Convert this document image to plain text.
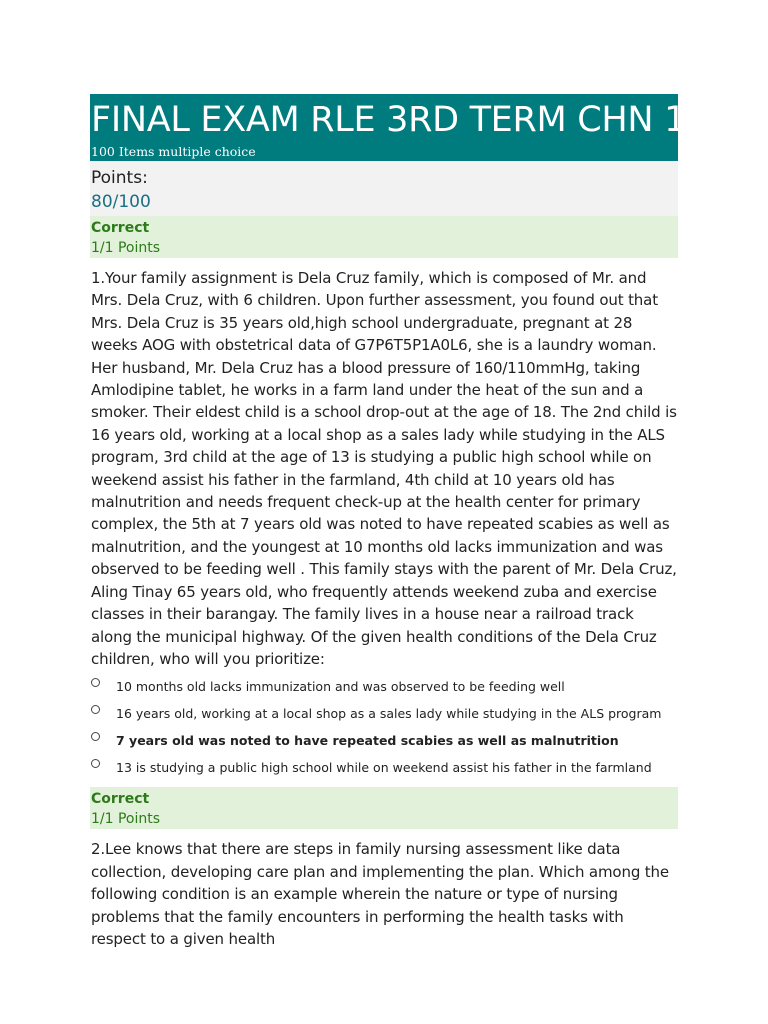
FINAL EXAM RLE 3RD TERM CHN 1
100 Items multiple choice
Points:
80/100
Correct
1/1 Points
1.Your family assignment is Dela Cruz family, which is composed of Mr. and Mrs. Dela Cruz, with 6 children. Upon further assessment, you found out that Mrs. Dela Cruz is 35 years old,high school undergraduate, pregnant at 28 weeks AOG with obstetrical data of G7P6T5P1A0L6, she is a laundry woman. Her husband, Mr. Dela Cruz has a blood pressure of 160/110mmHg, taking Amlodipine tablet, he works in a farm land under the heat of the sun and a smoker. Their eldest child is a school drop-out at the age of 18. The 2nd child is 16 years old, working at a local shop as a sales lady while studying in the ALS program, 3rd child at the age of 13 is studying a public high school while on weekend assist his father in the farmland, 4th child at 10 years old has malnutrition and needs frequent check-up at the health center for primary complex, the 5th at 7 years old was noted to have repeated scabies as well as malnutrition, and the youngest at 10 months old lacks immunization and was observed to be feeding well . This family stays with the parent of Mr. Dela Cruz, Aling Tinay 65 years old, who frequently attends weekend zuba and exercise classes in their barangay. The family lives in a house near a railroad track along the municipal highway. Of the given health conditions of the Dela Cruz children, who will you prioritize:
10 months old lacks immunization and was observed to be feeding well
16 years old, working at a local shop as a sales lady while studying in the ALS program
7 years old was noted to have repeated scabies as well as malnutrition
13 is studying a public high school while on weekend assist his father in the farmland
Correct
1/1 Points
2.Lee knows that there are steps in family nursing assessment like data collection, developing care plan and implementing the plan. Which among the following condition is an example wherein the nature or type of nursing problems that the family encounters in performing the health tasks with respect to a given health
